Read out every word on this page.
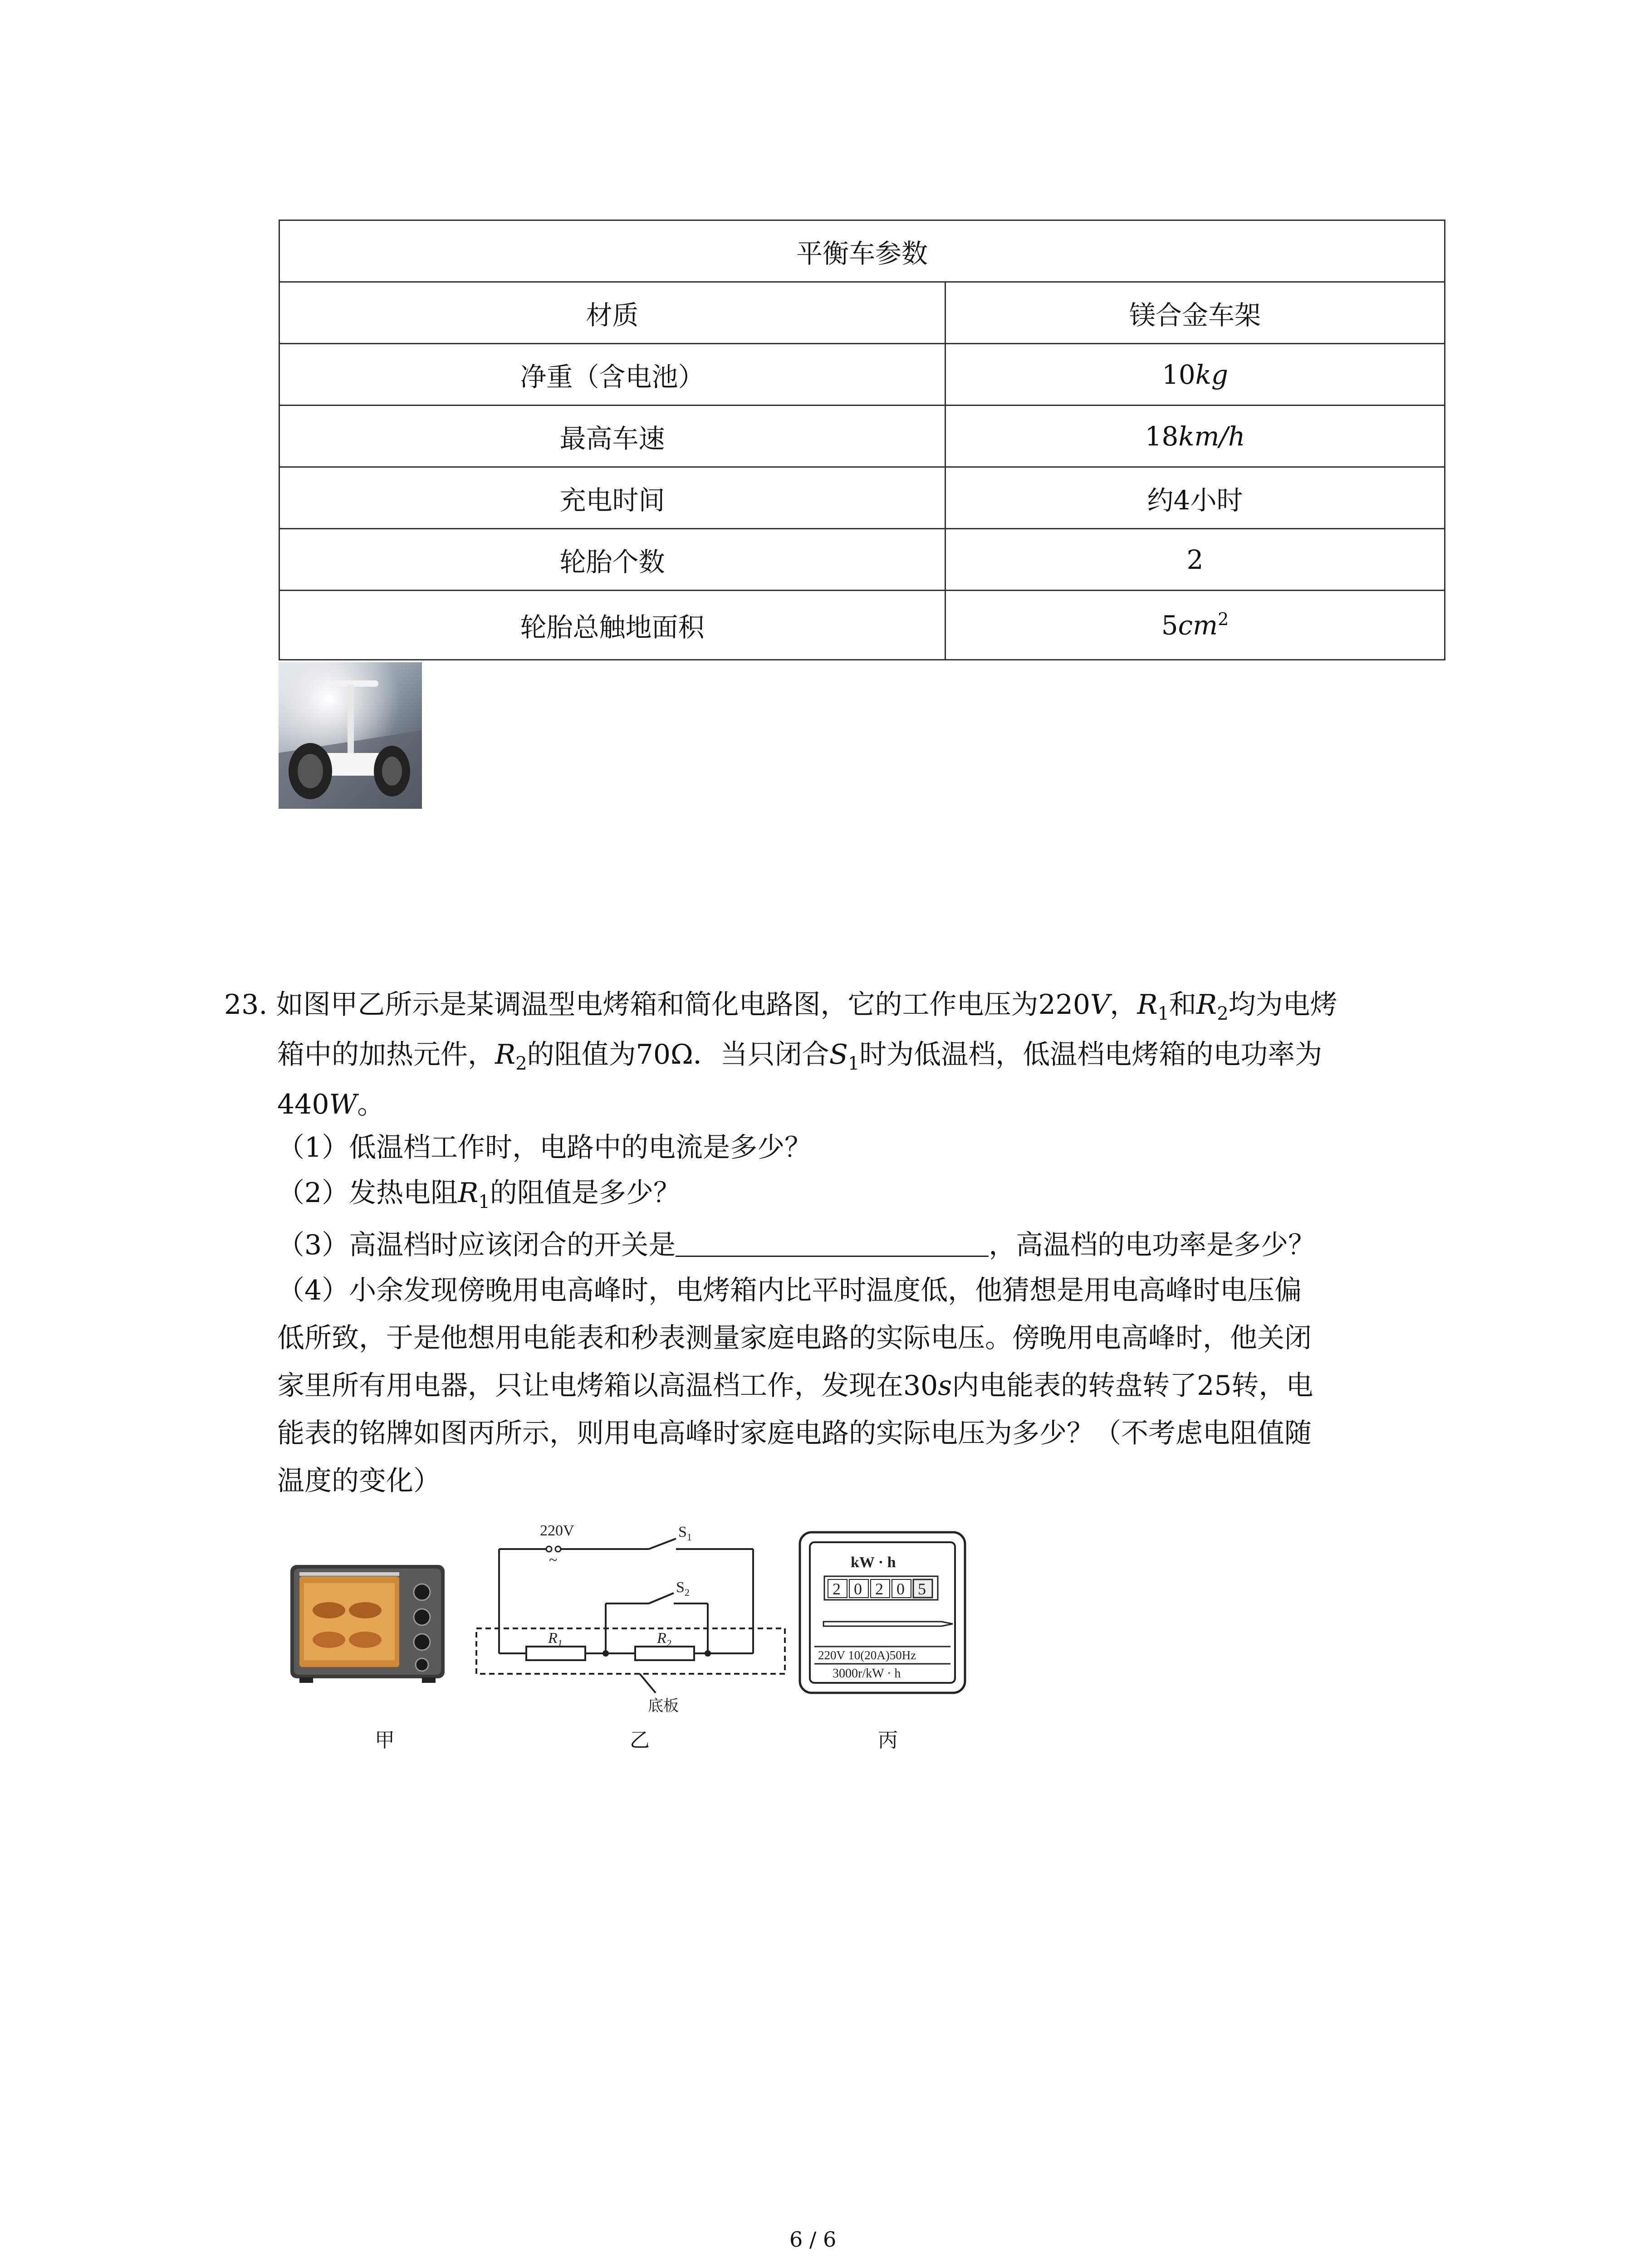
平衡车参数	
材质	镁合金车架
净重（含电池）	10kg
最高车速	18km/h
充电时间	约4小时
轮胎个数	2
轮胎总触地面积	$5cm^2$
23. 如图甲乙所示是某调温型电烤箱和简化电路图，它的工作电压为220V，$R_1$和$R_2$均为电烤
箱中的加热元件，$R_2$的阻值为70Ω．当只闭合$S_1$时为低温档，低温档电烤箱的电功率为
440W。
（1）低温档工作时，电路中的电流是多少？
（2）发热电阻$R_1$的阻值是多少？
（3）高温档时应该闭合的开关是	，高温档的电功率是多少？
（4）小余发现傍晚用电高峰时，电烤箱内比平时温度低，他猜想是用电高峰时电压偏
低所致，于是他想用电能表和秒表测量家庭电路的实际电压。傍晚用电高峰时，他关闭
家里所有用电器，只让电烤箱以高温档工作，发现在30s内电能表的转盘转了25转，电
能表的铭牌如图丙所示，则用电高峰时家庭电路的实际电压为多少？（不考虑电阻值随
温度的变化）
220V
~
$S_1$
$S_2$
$R_1$	$R_2$
底板
kW · h
2 0 2 0 5
220V 10(20A)50Hz
3000r/kW · h
甲	乙	丙
6 / 6
